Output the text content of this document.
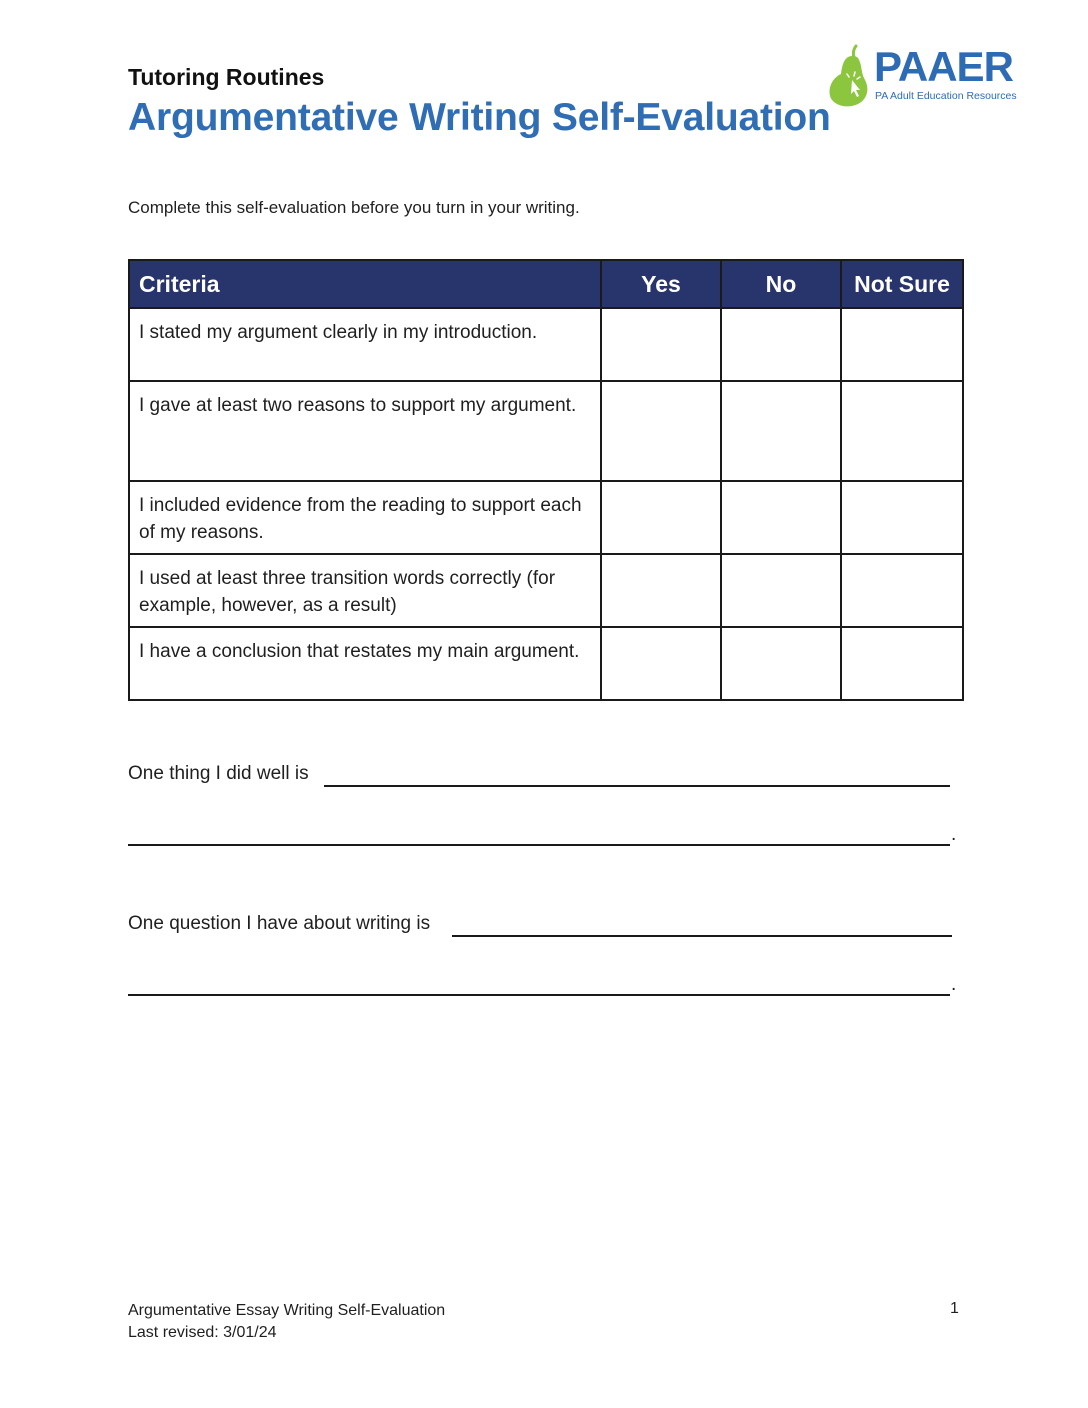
Tutoring Routines
Argumentative Writing Self-Evaluation
PAAER
PA Adult Education Resources
Complete this self-evaluation before you turn in your writing.
Criteria	Yes	No	Not Sure
I stated my argument clearly in my introduction.			
I gave at least two reasons to support my argument.			
I included evidence from the reading to support each of my reasons.			
I used at least three transition words correctly (for example, however, as a result)			
I have a conclusion that restates my main argument.			
One thing I did well is
.
One question I have about writing is
.
Argumentative Essay Writing Self-Evaluation
Last revised: 3/01/24
1
